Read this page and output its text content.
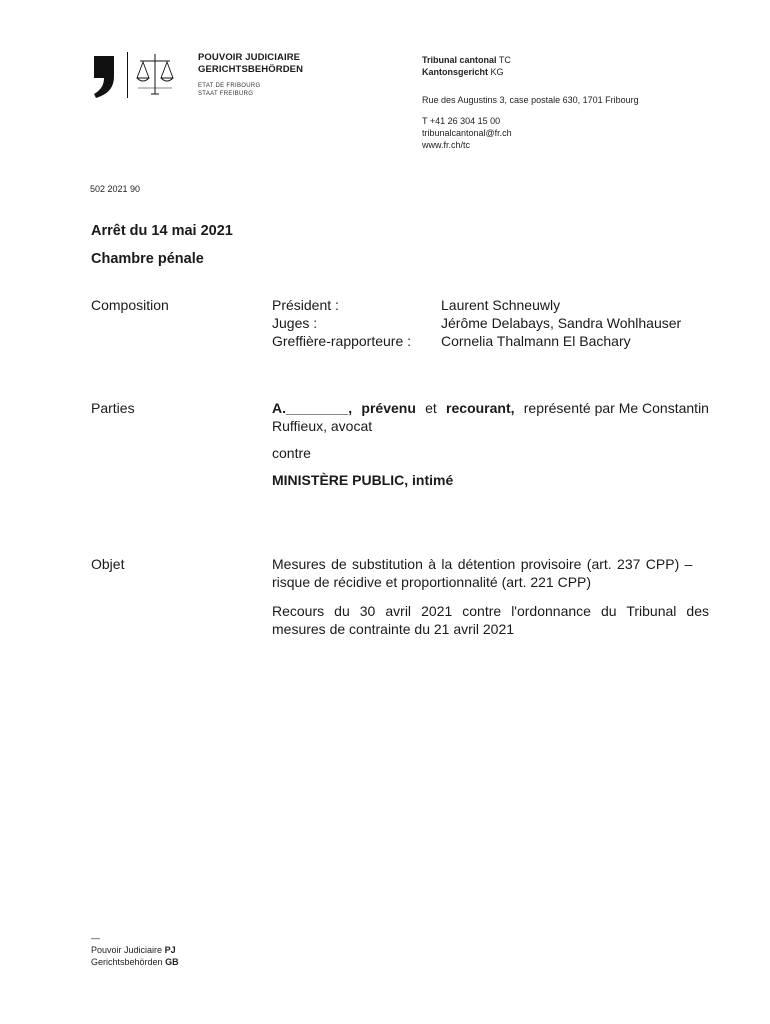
POUVOIR JUDICIAIRE
GERICHTSBEHÖRDEN
ETAT DE FRIBOURG
STAAT FREIBURG
Tribunal cantonal TC
Kantonsgericht KG
Rue des Augustins 3, case postale 630, 1701 Fribourg
T +41 26 304 15 00
tribunalcantonal@fr.ch
www.fr.ch/tc
502 2021 90
Arrêt du 14 mai 2021
Chambre pénale
Composition	Président :	Laurent Schneuwly
Juges :	Jérôme Delabays, Sandra Wohlhauser
Greffière-rapporteure :	Cornelia Thalmann El Bachary
Parties	A.________, prévenu et recourant, représenté par Me Constantin
Ruffieux, avocat
contre
MINISTÈRE PUBLIC, intimé
Objet	Mesures de substitution à la détention provisoire (art. 237 CPP) –
risque de récidive et proportionnalité (art. 221 CPP)
Recours du 30 avril 2021 contre l'ordonnance du Tribunal des
mesures de contrainte du 21 avril 2021
—
Pouvoir Judiciaire PJ
Gerichtsbehörden GB
